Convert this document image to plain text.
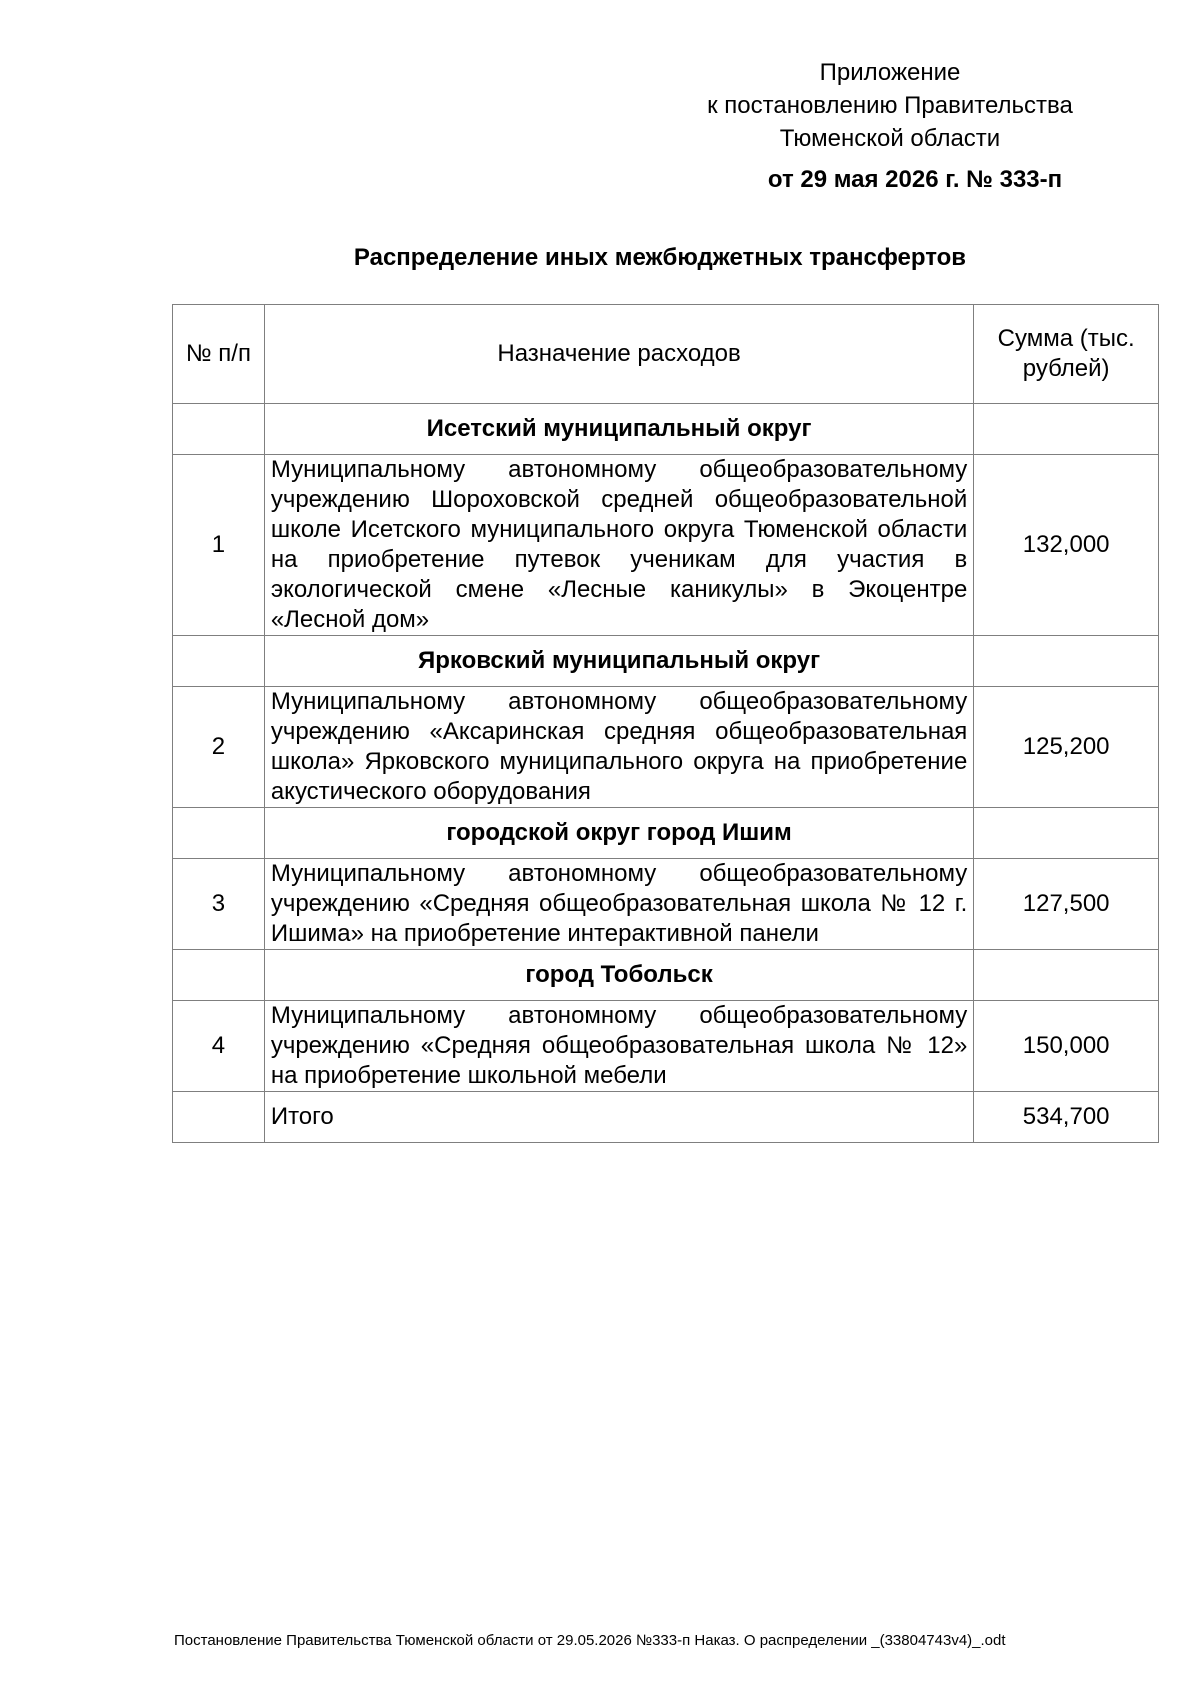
Приложение
к постановлению Правительства
Тюменской области
от 29 мая 2026 г. № 333-п
Распределение иных межбюджетных трансфертов
№ п/п	Назначение расходов	Сумма (тыс. рублей)
	Исетский муниципальный округ	
1	Муниципальному автономному общеобразовательному учреждению Шороховской средней общеобразовательной школе Исетского муниципального округа Тюменской области на приобретение путевок ученикам для участия в экологической смене «Лесные каникулы» в Экоцентре «Лесной дом»	132,000
	Ярковский муниципальный округ	
2	Муниципальному автономному общеобразовательному учреждению «Аксаринская средняя общеобразовательная школа» Ярковского муниципального округа на приобретение акустического оборудования	125,200
	городской округ город Ишим	
3	Муниципальному автономному общеобразовательному учреждению «Средняя общеобразовательная школа № 12 г. Ишима» на приобретение интерактивной панели	127,500
	город Тобольск	
4	Муниципальному автономному общеобразовательному учреждению «Средняя общеобразовательная школа № 12» на приобретение школьной мебели	150,000
	Итого	534,700
Постановление Правительства Тюменской области от 29.05.2026 №333-п Наказ. О распределении _(33804743v4)_.odt
